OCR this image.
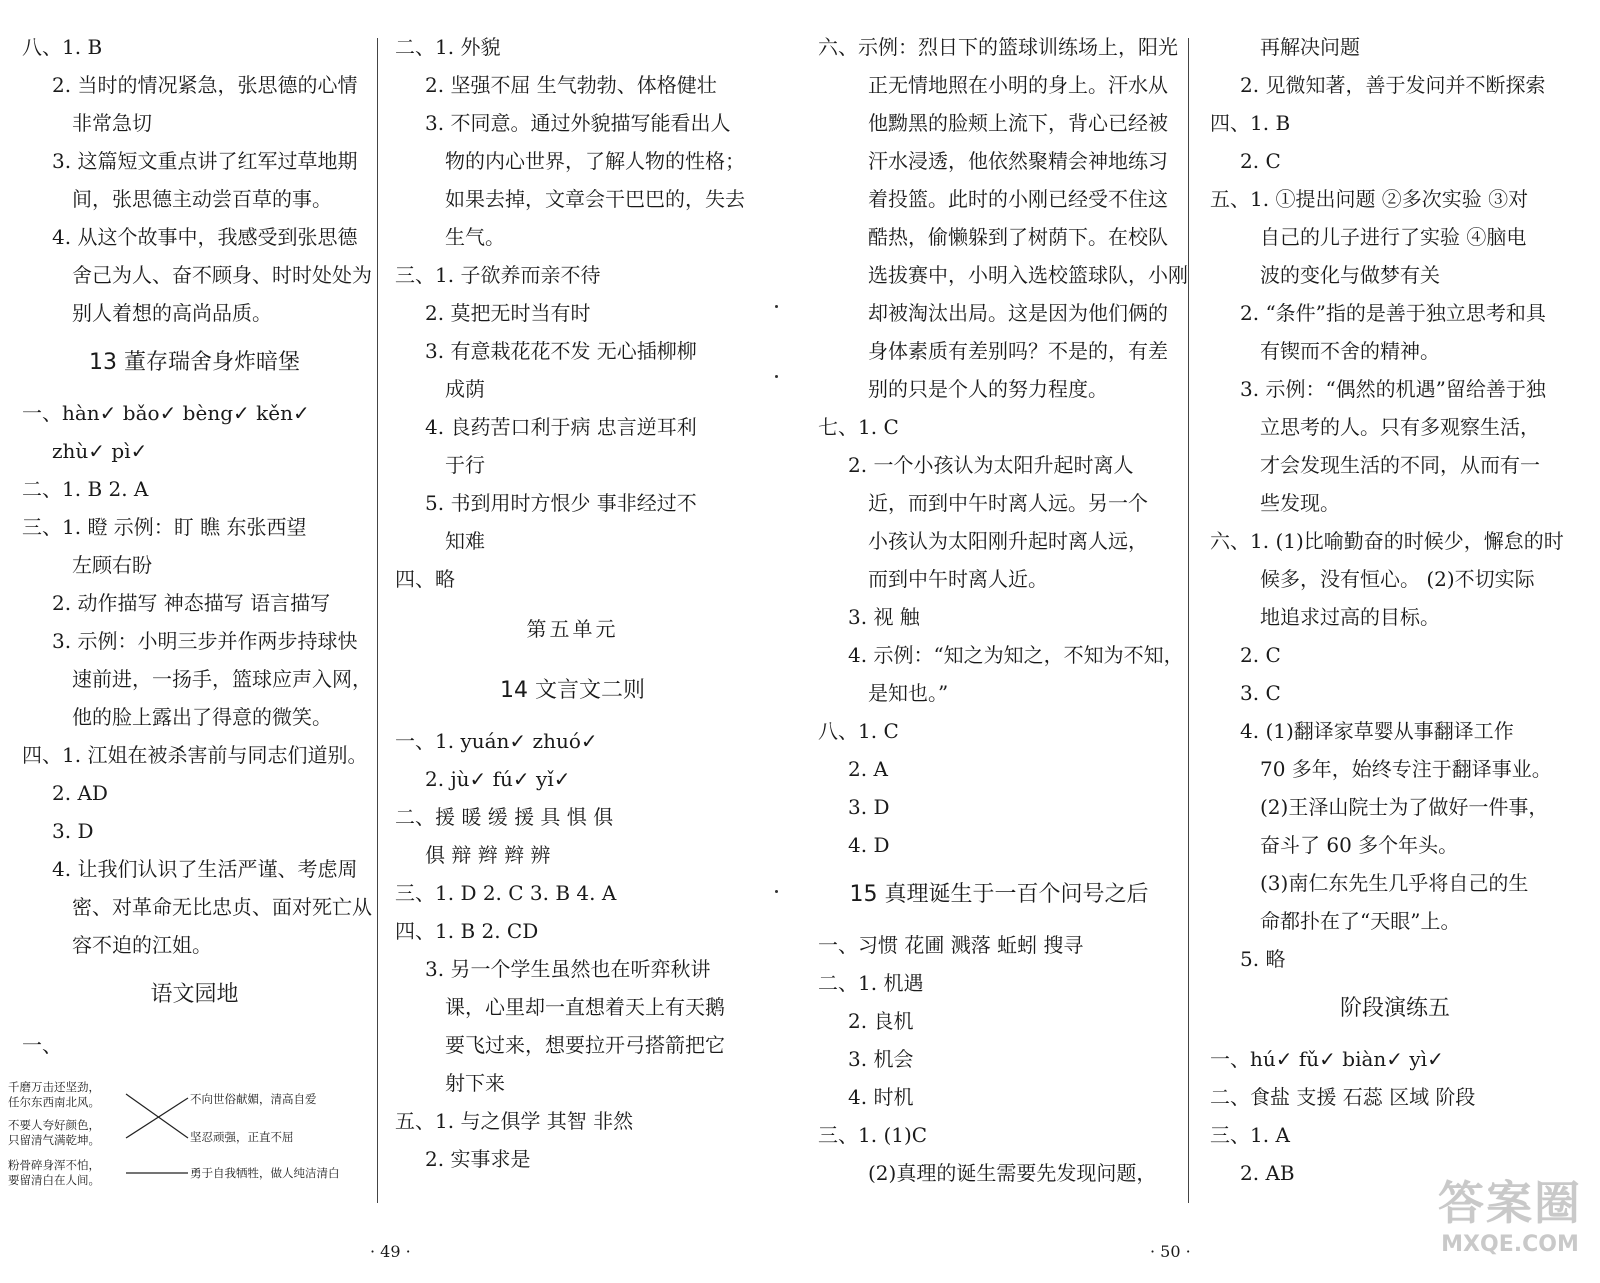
八、1. B
2. 当时的情况紧急，张思德的心情
非常急切
3. 这篇短文重点讲了红军过草地期
间，张思德主动尝百草的事。
4. 从这个故事中，我感受到张思德
舍己为人、奋不顾身、时时处处为
别人着想的高尚品质。
13 董存瑞舍身炸暗堡
一、hàn✓ bǎo✓ bèng✓ kěn✓
zhù✓ pì✓
二、1. B 2. A
三、1. 瞪 示例：盯 瞧 东张西望
左顾右盼
2. 动作描写 神态描写 语言描写
3. 示例：小明三步并作两步持球快
速前进，一扬手，篮球应声入网，
他的脸上露出了得意的微笑。
四、1. 江姐在被杀害前与同志们道别。
2. AD
3. D
4. 让我们认识了生活严谨、考虑周
密、对革命无比忠贞、面对死亡从
容不迫的江姐。
语文园地
一、
二、1. 外貌
2. 坚强不屈 生气勃勃、体格健壮
3. 不同意。通过外貌描写能看出人
物的内心世界，了解人物的性格；
如果去掉，文章会干巴巴的，失去
生气。
三、1. 子欲养而亲不待
2. 莫把无时当有时
3. 有意栽花花不发 无心插柳柳
成荫
4. 良药苦口利于病 忠言逆耳利
于行
5. 书到用时方恨少 事非经过不
知难
四、略
第五单元
14 文言文二则
一、1. yuán✓ zhuó✓
2. jù✓ fú✓ yǐ✓
二、援 暖 缓 援 具 惧 俱
俱 辩 辫 辫 辨
三、1. D 2. C 3. B 4. A
四、1. B 2. CD
3. 另一个学生虽然也在听弈秋讲
课，心里却一直想着天上有天鹅
要飞过来，想要拉开弓搭箭把它
射下来
五、1. 与之俱学 其智 非然
2. 实事求是
六、示例：烈日下的篮球训练场上，阳光
正无情地照在小明的身上。汗水从
他黝黑的脸颊上流下，背心已经被
汗水浸透，他依然聚精会神地练习
着投篮。此时的小刚已经受不住这
酷热，偷懒躲到了树荫下。在校队
选拔赛中，小明入选校篮球队，小刚
却被淘汰出局。这是因为他们俩的
身体素质有差别吗？不是的，有差
别的只是个人的努力程度。
七、1. C
2. 一个小孩认为太阳升起时离人
近，而到中午时离人远。另一个
小孩认为太阳刚升起时离人远，
而到中午时离人近。
3. 视 触
4. 示例：“知之为知之，不知为不知，
是知也。”
八、1. C
2. A
3. D
4. D
15 真理诞生于一百个问号之后
一、习惯 花圃 溅落 蚯蚓 搜寻
二、1. 机遇
2. 良机
3. 机会
4. 时机
三、1. (1)C
(2)真理的诞生需要先发现问题，
再解决问题
2. 见微知著，善于发问并不断探索
四、1. B
2. C
五、1. ①提出问题 ②多次实验 ③对
自己的儿子进行了实验 ④脑电
波的变化与做梦有关
2. “条件”指的是善于独立思考和具
有锲而不舍的精神。
3. 示例：“偶然的机遇”留给善于独
立思考的人。只有多观察生活，
才会发现生活的不同，从而有一
些发现。
六、1. (1)比喻勤奋的时候少，懈怠的时
候多，没有恒心。 (2)不切实际
地追求过高的目标。
2. C
3. C
4. (1)翻译家草婴从事翻译工作
70 多年，始终专注于翻译事业。
(2)王泽山院士为了做好一件事，
奋斗了 60 多个年头。
(3)南仁东先生几乎将自己的生
命都扑在了“天眼”上。
5. 略
阶段演练五
一、hú✓ fǔ✓ biàn✓ yì✓
二、食盐 支援 石蕊 区域 阶段
三、1. A
2. AB
千磨万击还坚劲，
任尔东西南北风。
不要人夸好颜色，
只留清气满乾坤。
粉骨碎身浑不怕，
要留清白在人间。
不向世俗献媚，清高自爱
坚忍顽强，正直不屈
勇于自我牺牲，做人纯洁清白
· 49 ·	· 50 ·
答案圈
MXQE.COM
